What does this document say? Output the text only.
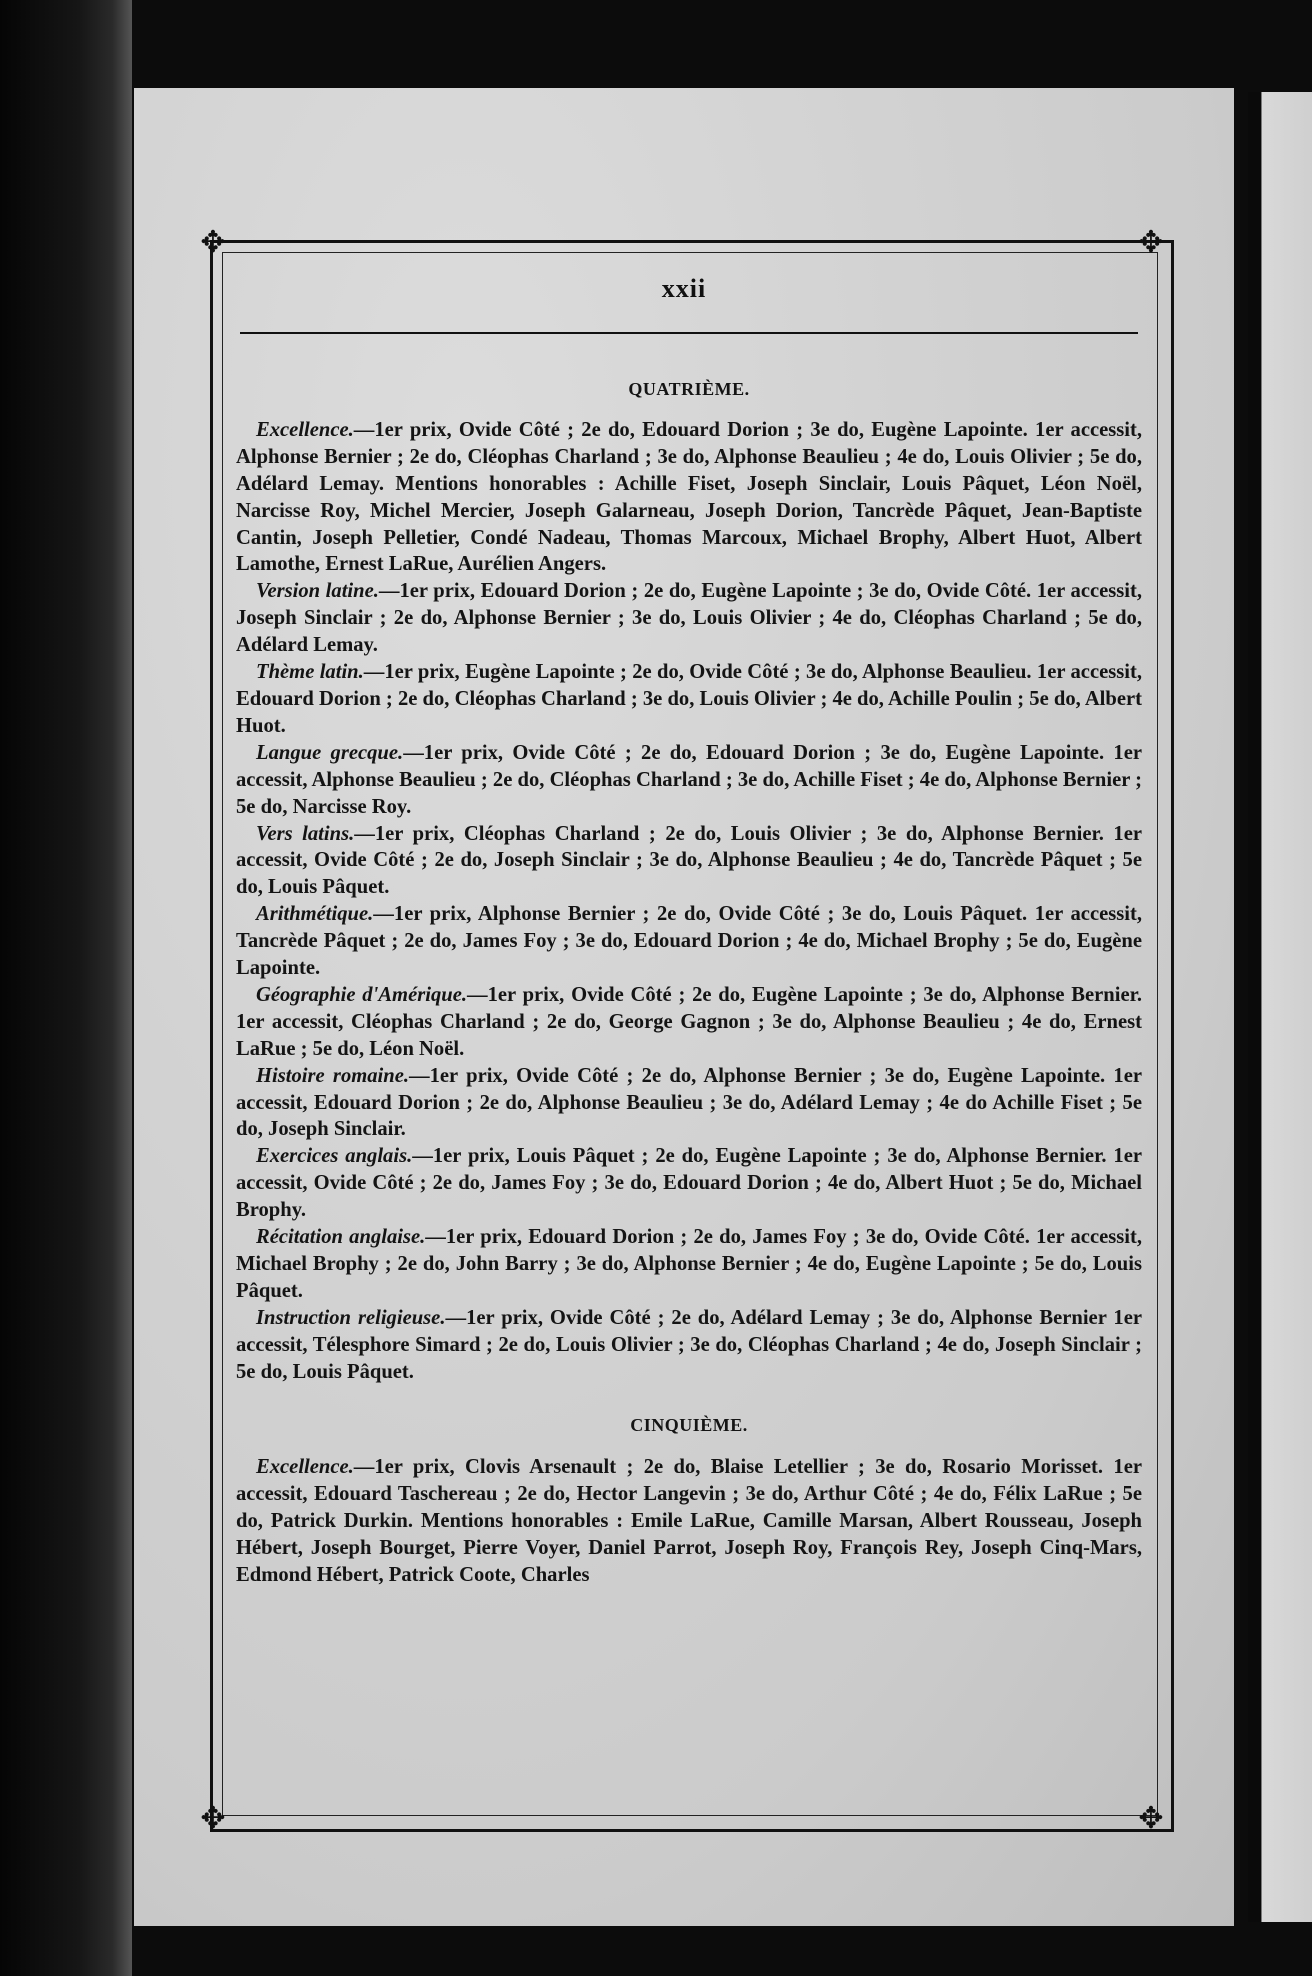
✥	✥
✥	✥
xxii
QUATRIÈME.

Excellence.—1er prix, Ovide Côté ; 2e do, Edouard Dorion ; 3e do, Eugène Lapointe. 1er accessit, Alphonse Bernier ; 2e do, Cléophas Charland ; 3e do, Alphonse Beaulieu ; 4e do, Louis Olivier ; 5e do, Adélard Lemay. Mentions honorables : Achille Fiset, Joseph Sinclair, Louis Pâquet, Léon Noël, Narcisse Roy, Michel Mercier, Joseph Galarneau, Joseph Dorion, Tancrède Pâquet, Jean-Baptiste Cantin, Joseph Pelletier, Condé Nadeau, Thomas Marcoux, Michael Brophy, Albert Huot, Albert Lamothe, Ernest LaRue, Aurélien Angers.

Version latine.—1er prix, Edouard Dorion ; 2e do, Eugène Lapointe ; 3e do, Ovide Côté. 1er accessit, Joseph Sinclair ; 2e do, Alphonse Bernier ; 3e do, Louis Olivier ; 4e do, Cléophas Charland ; 5e do, Adélard Lemay.

Thème latin.—1er prix, Eugène Lapointe ; 2e do, Ovide Côté ; 3e do, Alphonse Beaulieu. 1er accessit, Edouard Dorion ; 2e do, Cléophas Charland ; 3e do, Louis Olivier ; 4e do, Achille Poulin ; 5e do, Albert Huot.

Langue grecque.—1er prix, Ovide Côté ; 2e do, Edouard Dorion ; 3e do, Eugène Lapointe. 1er accessit, Alphonse Beaulieu ; 2e do, Cléophas Charland ; 3e do, Achille Fiset ; 4e do, Alphonse Bernier ; 5e do, Narcisse Roy.

Vers latins.—1er prix, Cléophas Charland ; 2e do, Louis Olivier ; 3e do, Alphonse Bernier. 1er accessit, Ovide Côté ; 2e do, Joseph Sinclair ; 3e do, Alphonse Beaulieu ; 4e do, Tancrède Pâquet ; 5e do, Louis Pâquet.

Arithmétique.—1er prix, Alphonse Bernier ; 2e do, Ovide Côté ; 3e do, Louis Pâquet. 1er accessit, Tancrède Pâquet ; 2e do, James Foy ; 3e do, Edouard Dorion ; 4e do, Michael Brophy ; 5e do, Eugène Lapointe.

Géographie d'Amérique.—1er prix, Ovide Côté ; 2e do, Eugène Lapointe ; 3e do, Alphonse Bernier. 1er accessit, Cléophas Charland ; 2e do, George Gagnon ; 3e do, Alphonse Beaulieu ; 4e do, Ernest LaRue ; 5e do, Léon Noël.

Histoire romaine.—1er prix, Ovide Côté ; 2e do, Alphonse Bernier ; 3e do, Eugène Lapointe. 1er accessit, Edouard Dorion ; 2e do, Alphonse Beaulieu ; 3e do, Adélard Lemay ; 4e do Achille Fiset ; 5e do, Joseph Sinclair.

Exercices anglais.—1er prix, Louis Pâquet ; 2e do, Eugène Lapointe ; 3e do, Alphonse Bernier. 1er accessit, Ovide Côté ; 2e do, James Foy ; 3e do, Edouard Dorion ; 4e do, Albert Huot ; 5e do, Michael Brophy.

Récitation anglaise.—1er prix, Edouard Dorion ; 2e do, James Foy ; 3e do, Ovide Côté. 1er accessit, Michael Brophy ; 2e do, John Barry ; 3e do, Alphonse Bernier ; 4e do, Eugène Lapointe ; 5e do, Louis Pâquet.

Instruction religieuse.—1er prix, Ovide Côté ; 2e do, Adélard Lemay ; 3e do, Alphonse Bernier 1er accessit, Télesphore Simard ; 2e do, Louis Olivier ; 3e do, Cléophas Charland ; 4e do, Joseph Sinclair ; 5e do, Louis Pâquet.

CINQUIÈME.

Excellence.—1er prix, Clovis Arsenault ; 2e do, Blaise Letellier ; 3e do, Rosario Morisset. 1er accessit, Edouard Taschereau ; 2e do, Hector Langevin ; 3e do, Arthur Côté ; 4e do, Félix LaRue ; 5e do, Patrick Durkin. Mentions honorables : Emile LaRue, Camille Marsan, Albert Rousseau, Joseph Hébert, Joseph Bourget, Pierre Voyer, Daniel Parrot, Joseph Roy, François Rey, Joseph Cinq-Mars, Edmond Hébert, Patrick Coote, Charles
